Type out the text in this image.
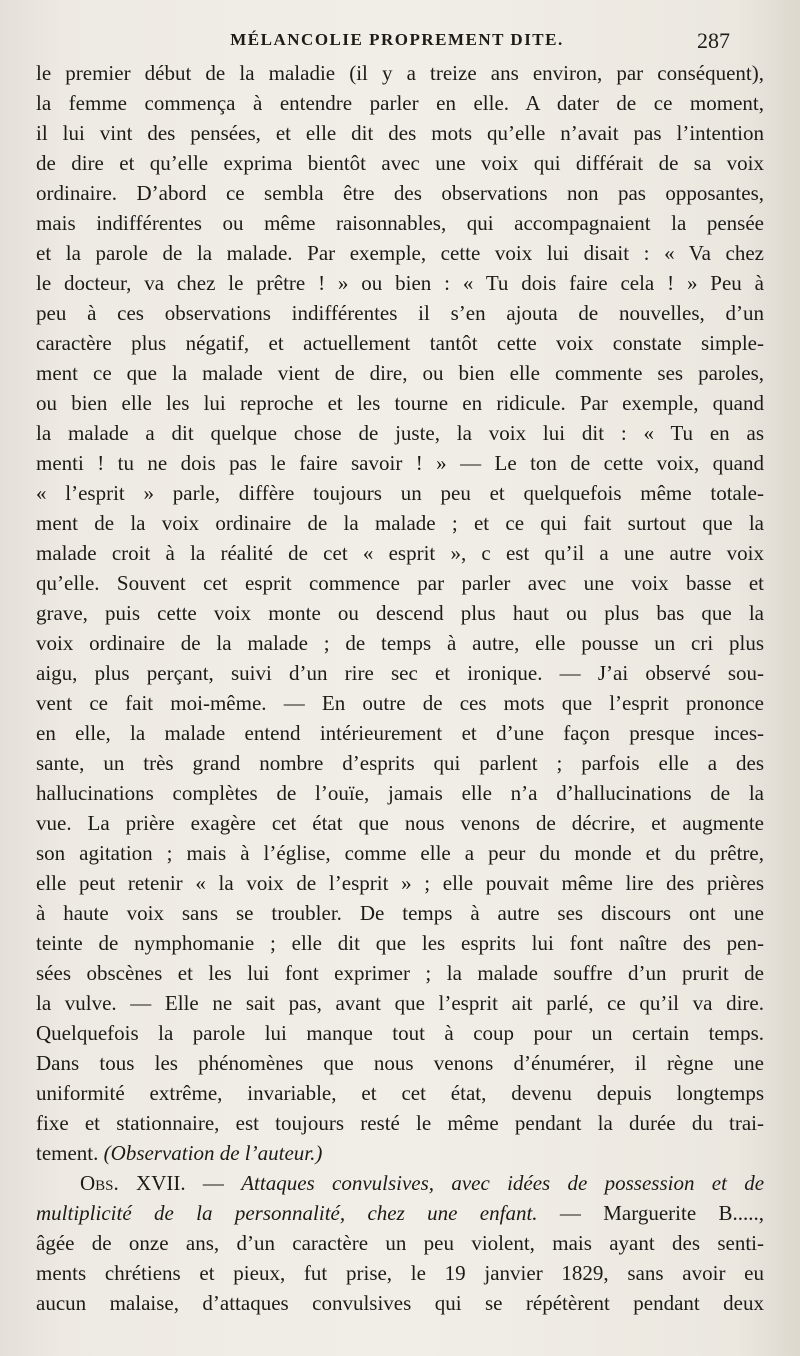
MÉLANCOLIE PROPREMENT DITE.	287
le premier début de la maladie (il y a treize ans environ, par conséquent),
la femme commença à entendre parler en elle. A dater de ce moment,
il lui vint des pensées, et elle dit des mots qu’elle n’avait pas l’intention
de dire et qu’elle exprima bientôt avec une voix qui différait de sa voix
ordinaire. D’abord ce sembla être des observations non pas opposantes,
mais indifférentes ou même raisonnables, qui accompagnaient la pensée
et la parole de la malade. Par exemple, cette voix lui disait : « Va chez
le docteur, va chez le prêtre ! » ou bien : « Tu dois faire cela ! » Peu à
peu à ces observations indifférentes il s’en ajouta de nouvelles, d’un
caractère plus négatif, et actuellement tantôt cette voix constate simple-
ment ce que la malade vient de dire, ou bien elle commente ses paroles,
ou bien elle les lui reproche et les tourne en ridicule. Par exemple, quand
la malade a dit quelque chose de juste, la voix lui dit : « Tu en as
menti ! tu ne dois pas le faire savoir ! » — Le ton de cette voix, quand
« l’esprit » parle, diffère toujours un peu et quelquefois même totale-
ment de la voix ordinaire de la malade ; et ce qui fait surtout que la
malade croit à la réalité de cet « esprit », c est qu’il a une autre voix
qu’elle. Souvent cet esprit commence par parler avec une voix basse et
grave, puis cette voix monte ou descend plus haut ou plus bas que la
voix ordinaire de la malade ; de temps à autre, elle pousse un cri plus
aigu, plus perçant, suivi d’un rire sec et ironique. — J’ai observé sou-
vent ce fait moi-même. — En outre de ces mots que l’esprit prononce
en elle, la malade entend intérieurement et d’une façon presque inces-
sante, un très grand nombre d’esprits qui parlent ; parfois elle a des
hallucinations complètes de l’ouïe, jamais elle n’a d’hallucinations de la
vue. La prière exagère cet état que nous venons de décrire, et augmente
son agitation ; mais à l’église, comme elle a peur du monde et du prêtre,
elle peut retenir « la voix de l’esprit » ; elle pouvait même lire des prières
à haute voix sans se troubler. De temps à autre ses discours ont une
teinte de nymphomanie ; elle dit que les esprits lui font naître des pen-
sées obscènes et les lui font exprimer ; la malade souffre d’un prurit de
la vulve. — Elle ne sait pas, avant que l’esprit ait parlé, ce qu’il va dire.
Quelquefois la parole lui manque tout à coup pour un certain temps.
Dans tous les phénomènes que nous venons d’énumérer, il règne une
uniformité extrême, invariable, et cet état, devenu depuis longtemps
fixe et stationnaire, est toujours resté le même pendant la durée du trai-
tement. (Observation de l’auteur.)
Obs. XVII. — Attaques convulsives, avec idées de possession et de
multiplicité de la personnalité, chez une enfant. — Marguerite B.....,
âgée de onze ans, d’un caractère un peu violent, mais ayant des senti-
ments chrétiens et pieux, fut prise, le 19 janvier 1829, sans avoir eu
aucun malaise, d’attaques convulsives qui se répétèrent pendant deux
